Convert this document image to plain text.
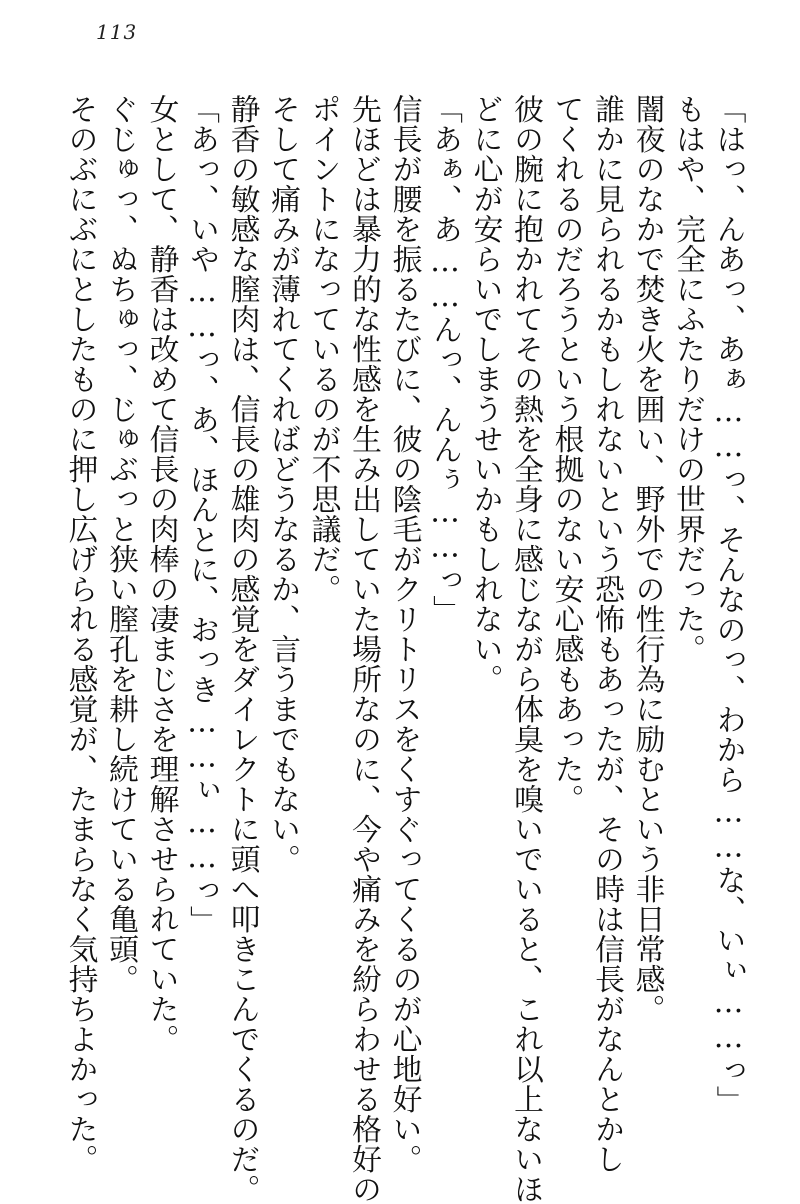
113
「はっ、んあっ、あぁ……っ、そんなのっ、わから……な、いぃ……っ」
もはや、完全にふたりだけの世界だった。
闇夜のなかで焚き火を囲い、野外での性行為に励むという非日常感。
誰かに見られるかもしれないという恐怖もあったが、その時は信長がなんとかし
てくれるのだろうという根拠のない安心感もあった。
彼の腕に抱かれてその熱を全身に感じながら体臭を嗅いでいると、これ以上ないほ
どに心が安らいでしまうせいかもしれない。
「あぁ、あ……んっ、んんぅ……っ」
信長が腰を振るたびに、彼の陰毛がクリトリスをくすぐってくるのが心地好い。
先ほどは暴力的な性感を生み出していた場所なのに、今や痛みを紛らわせる格好の
ポイントになっているのが不思議だ。
そして痛みが薄れてくればどうなるか、言うまでもない。
静香の敏感な膣肉は、信長の雄肉の感覚をダイレクトに頭へ叩きこんでくるのだ。
「あっ、いや……っ、あ、ほんとに、おっき……ぃ……っ」
女として、静香は改めて信長の肉棒の凄まじさを理解させられていた。
ぐじゅっ、ぬちゅっ、じゅぶっと狭い膣孔を耕し続けている亀頭。
そのぶにぶにとしたものに押し広げられる感覚が、たまらなく気持ちよかった。
